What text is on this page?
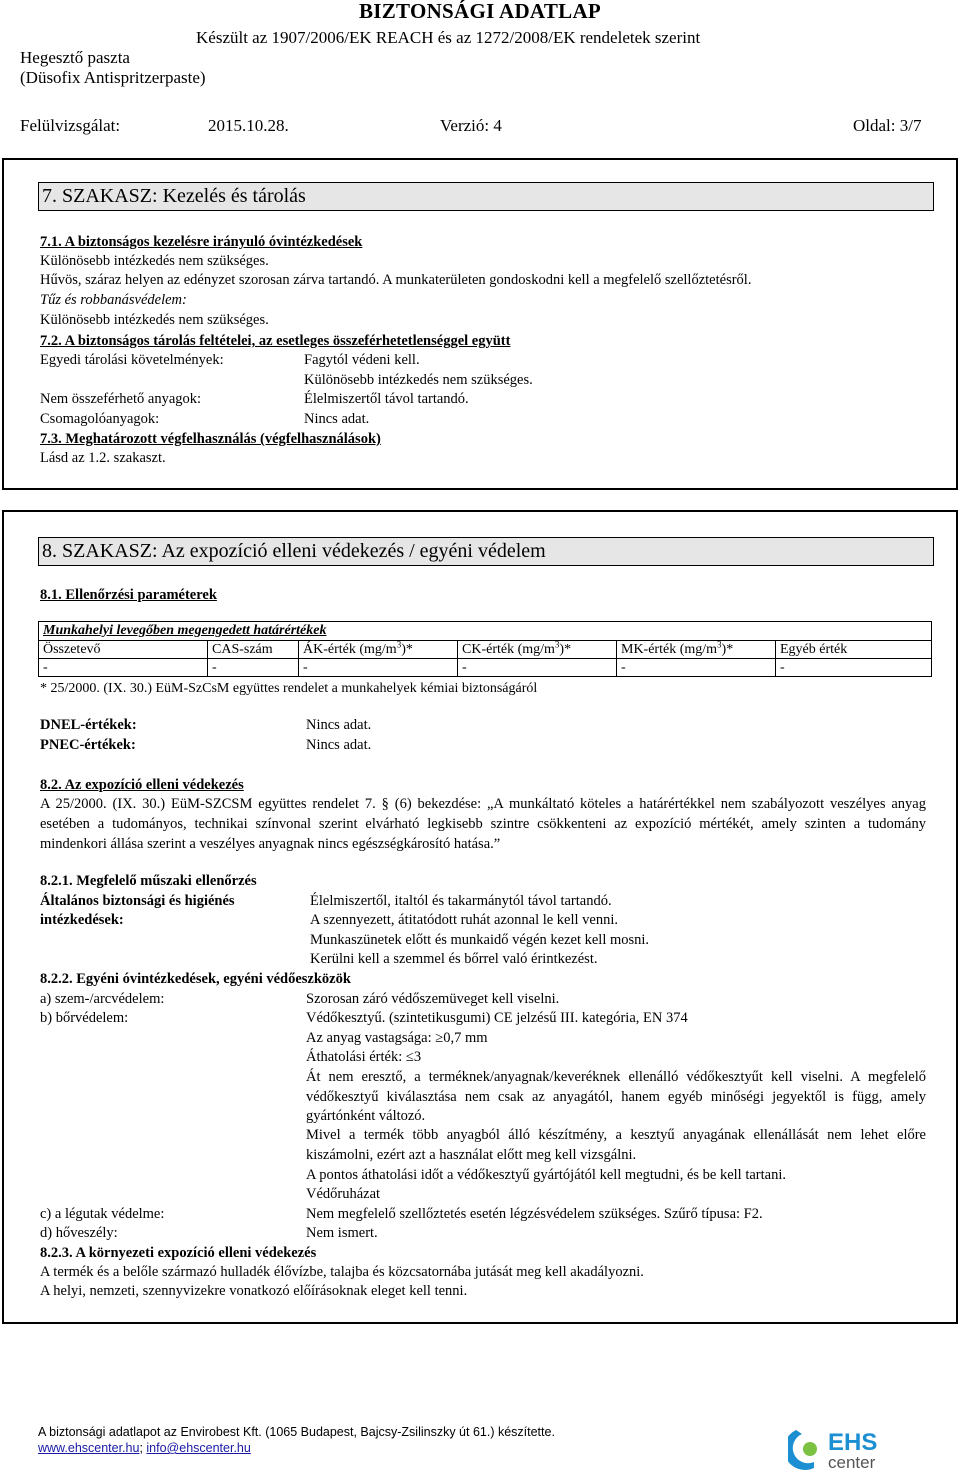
BIZTONSÁGI ADATLAP
Készült az 1907/2006/EK REACH és az 1272/2008/EK rendeletek szerint
Hegesztő paszta
(Düsofix Antispritzerpaste)
Felülvizsgálat:	2015.10.28.	Verzió: 4	Oldal: 3/7
7. SZAKASZ: Kezelés és tárolás
7.1. A biztonságos kezelésre irányuló óvintézkedések
Különösebb intézkedés nem szükséges.
Hűvös, száraz helyen az edényzet szorosan zárva tartandó. A munkaterületen gondoskodni kell a megfelelő szellőztetésről.
Tűz és robbanásvédelem:
Különösebb intézkedés nem szükséges.
7.2. A biztonságos tárolás feltételei, az esetleges összeférhetetlenséggel együtt
Egyedi tárolási követelmények:	Fagytól védeni kell.
Különösebb intézkedés nem szükséges.
Nem összeférhető anyagok:	Élelmiszertől távol tartandó.
Csomagolóanyagok:	Nincs adat.
7.3. Meghatározott végfelhasználás (végfelhasználások)
Lásd az 1.2. szakaszt.
8. SZAKASZ: Az expozíció elleni védekezés / egyéni védelem
8.1. Ellenőrzési paraméterek
Munkahelyi levegőben megengedett határértékek
Összetevő	CAS-szám	ÁK-érték $(mg/m^3)*$	CK-érték $(mg/m^3)*$	MK-érték $(mg/m^3)*$	Egyéb érték
-	-	-	-	-	-
* 25/2000. (IX. 30.) EüM-SzCsM együttes rendelet a munkahelyek kémiai biztonságáról
DNEL-értékek:	Nincs adat.
PNEC-értékek:	Nincs adat.
8.2. Az expozíció elleni védekezés
A 25/2000. (IX. 30.) EüM-SZCSM együttes rendelet 7. § (6) bekezdése: „A munkáltató köteles a határértékkel nem szabályozott veszélyes anyag esetében a tudományos, technikai színvonal szerint elvárható legkisebb szintre csökkenteni az expozíció mértékét, amely szinten a tudomány mindenkori állása szerint a veszélyes anyagnak nincs egészségkárosító hatása.”
8.2.1. Megfelelő műszaki ellenőrzés
Általános biztonsági és higiénés
intézkedések:
Élelmiszertől, italtól és takarmánytól távol tartandó.
A szennyezett, átitatódott ruhát azonnal le kell venni.
Munkaszünetek előtt és munkaidő végén kezet kell mosni.
Kerülni kell a szemmel és bőrrel való érintkezést.
8.2.2. Egyéni óvintézkedések, egyéni védőeszközök
a) szem-/arcvédelem:	Szorosan záró védőszemüveget kell viselni.
b) bőrvédelem:	Védőkesztyű. (szintetikusgumi) CE jelzésű III. kategória, EN 374
Az anyag vastagsága: ≥0,7 mm
Áthatolási érték: ≤3
Át nem eresztő, a terméknek/anyagnak/keveréknek ellenálló védőkesztyűt kell viselni. A megfelelő védőkesztyű kiválasztása nem csak az anyagától, hanem egyéb minőségi jegyektől is függ, amely gyártónként változó.
Mivel a termék több anyagból álló készítmény, a kesztyű anyagának ellenállását nem lehet előre kiszámolni, ezért azt a használat előtt meg kell vizsgálni.
A pontos áthatolási időt a védőkesztyű gyártójától kell megtudni, és be kell tartani.
Védőruházat
c) a légutak védelme:	Nem megfelelő szellőztetés esetén légzésvédelem szükséges. Szűrő típusa: F2.
d) hőveszély:	Nem ismert.
8.2.3. A környezeti expozíció elleni védekezés
A termék és a belőle származó hulladék élővízbe, talajba és közcsatornába jutását meg kell akadályozni.
A helyi, nemzeti, szennyvizekre vonatkozó előírásoknak eleget kell tenni.
A biztonsági adatlapot az Envirobest Kft. (1065 Budapest, Bajcsy-Zsilinszky út 61.) készítette.
www.ehscenter.hu; info@ehscenter.hu	EHS
center
